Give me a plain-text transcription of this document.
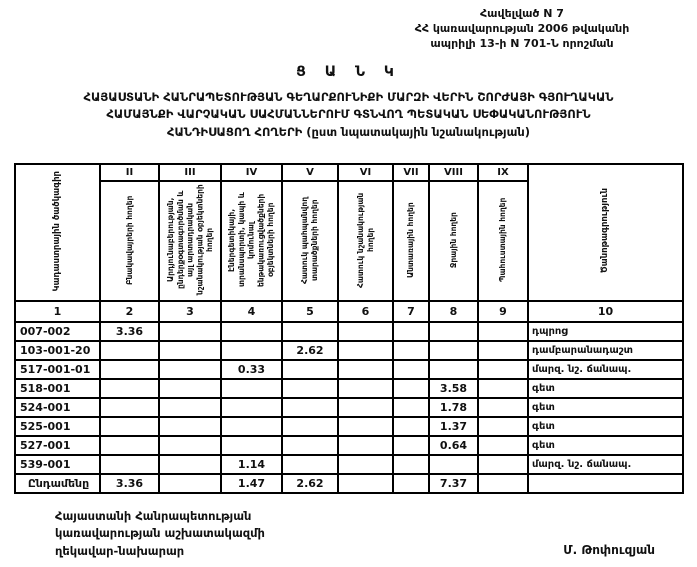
Հավելված N 7
ՀՀ կառավարության 2006 թվականի
ապրիլի 13-ի N 701-Ն որոշման
Ց Ա Ն Կ
ՀԱՅԱՍՏԱՆԻ ՀԱՆՐԱՊԵՏՈՒԹՅԱՆ ԳԵՂԱՐՔՈՒՆԻՔԻ ՄԱՐԶԻ ՎԵՐԻՆ ՇՈՐԺԱՅԻ ԳՅՈՒՂԱԿԱՆ
ՀԱՄԱՅՆՔԻ ՎԱՐՉԱԿԱՆ ՍԱՀՄԱՆՆԵՐՈՒՄ ԳՏՆՎՈՂ ՊԵՏԱԿԱՆ ՍԵՓԱԿԱՆՈՒԹՅՈՒՆ
ՀԱՆԴԻՍԱՑՈՂ ՀՈՂԵՐԻ (ըստ նպատակային նշանակության)
Կադաստրային ծածկագիր	II	III	IV	V	VI	VII	VIII	IX	Ծանոթագրություն
	Բնակավայրերի հողեր	Արդյունաբերության, ընդերքօգտագործման և այլ արտադրական նշանակության օբյեկտների հողեր	Էներգետիկայի, տրանսպորտի, կապի և կոմունալ ենթակառուցվածքների օբյեկտների հողեր	Հատուկ պահպանվող տարածքների հողեր	Հատուկ նշանակության հողեր	Անտառային հողեր	Ջրային հողեր	Պահուստային հողեր	
1	2	3	4	5	6	7	8	9	10
007-002	3.36								դպրոց
103-001-20				2.62					դամբարանադաշտ
517-001-01			0.33						մարզ. նշ. ճանապ.
518-001							3.58		գետ
524-001							1.78		գետ
525-001							1.37		գետ
527-001							0.64		գետ
539-001			1.14						մարզ. նշ. ճանապ.
Ընդամենը	3.36		1.47	2.62			7.37		
Հայաստանի Հանրապետության
կառավարության աշխատակազմի
ղեկավար-նախարար	Մ. Թոփուզյան
